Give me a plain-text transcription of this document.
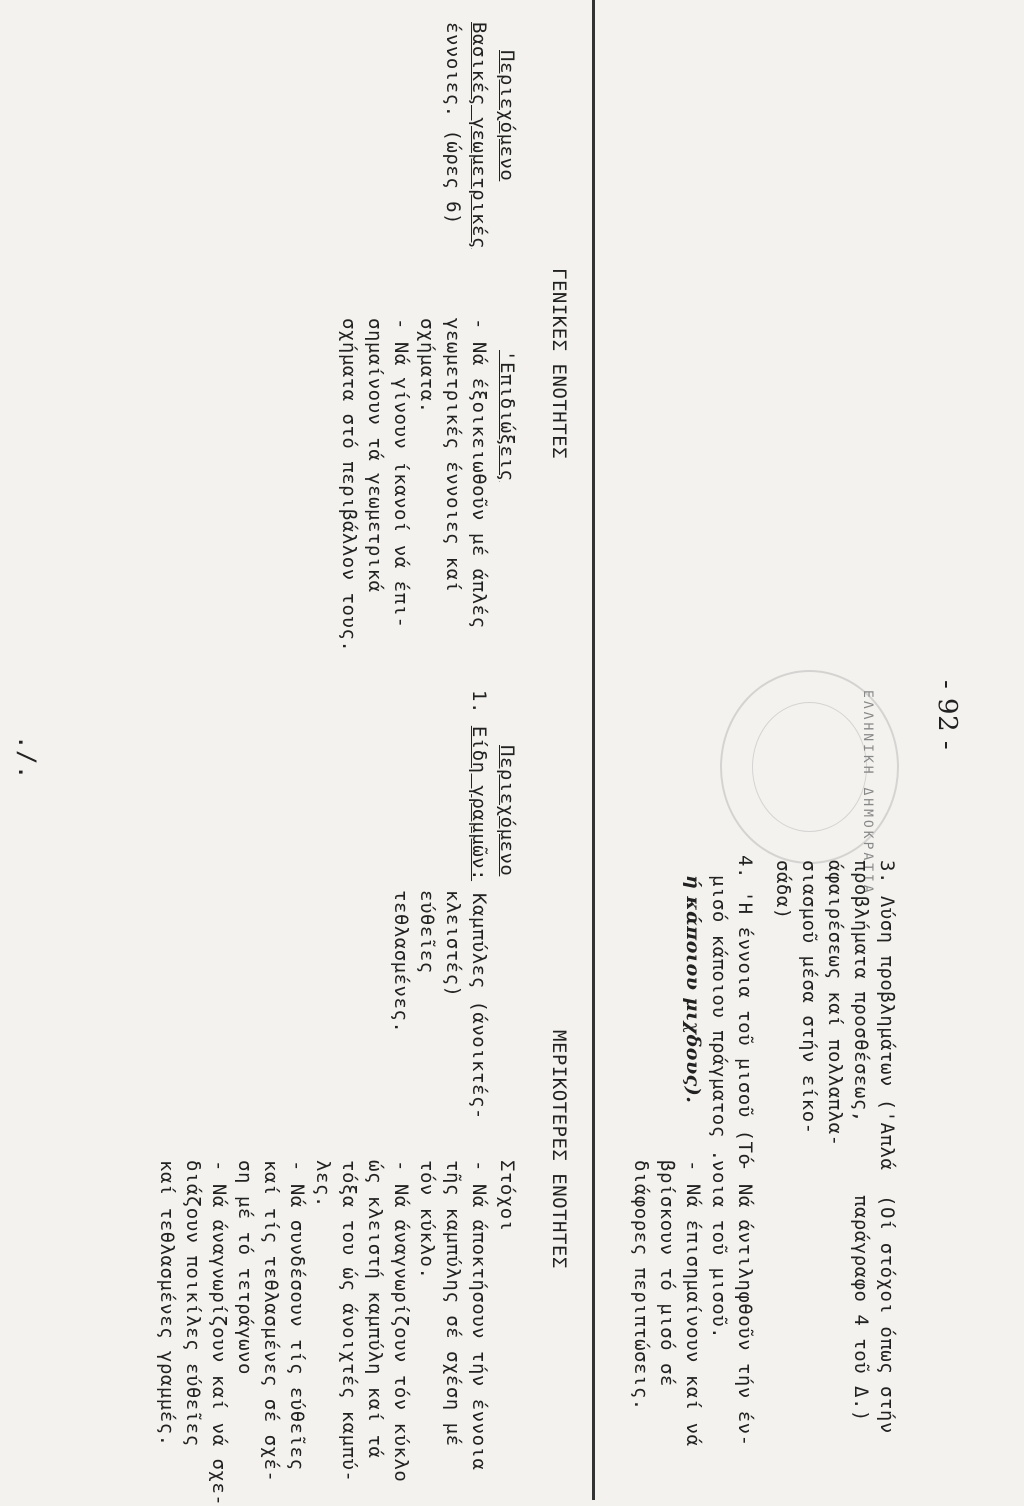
- 92 -
ΕΛΛΗΝΙΚΗ ΔΗΜΟΚΡΑΤΙΑ 3. Λύση προβλημάτων ('Απλά
προβλήματα προσθέσεως,
άφαιρέσεως καί πολλαπλα-
σιασμοῦ μέσα στήν είκο-
σάδα)
(Οί στόχοι όπως στήν
παράγραφο 4 τοῦ Δ.)
4. 'Η έννοια τοῦ μισοῦ (Τό
μισό κάποιου πράγματος .
ή κάποιου μιχδους).
- Νά άντιληφθοῦν τήν έν-
νοια τοῦ μισοῦ.
- Νά έπισημαίνουν καί νά
βρίσκουν τό μισό σέ
διάφορες περιπτώσεις.
ΓΕΝΙΚΕΣ ΕΝΟΤΗΤΕΣ
ΜΕΡΙΚΟΤΕΡΕΣ ΕΝΟΤΗΤΕΣ
Περιεχόμενο
'Επιδιώξεις
Περιεχόμενο
Στόχοι
Βασικές γεωμετρικές
έννοιες. (ώρες 6)
- Νά έξοικειωθοῦν μέ άπλές
γεωμετρικές έννοιες καί
σχήματα.
- Νά γίνουν ίκανοί νά έπι-
σημαίνουν τά γεωμετρικά
σχήματα στό περιβάλλον τους.
1. Είδη γραμμῶν: Καμπύλες (άνοικτές-
κλειστές)
εύθεῖες
τεθλασμένες.
- Νά άποκτήσουν τήν έννοια
τῆς καμπύλης σέ σχέση μέ
τόν κύκλο.
- Νά άναγνωρίζουν τόν κύκλο
ώς κλειστή καμπύλη καί τά
τόξα του ώς άνοιχτές καμπύ-
λες.
- Νά συνδέσουν τίς εύθεῖες
καί τίς τεθλασμένες σέ σχέ-
ση μέ τό τετράγωνο
- Νά άναγνωρίζουν καί νά σχε-
διάζουν ποικίλες εύθεῖες
καί τεθλασμένες γραμμές.
./.
